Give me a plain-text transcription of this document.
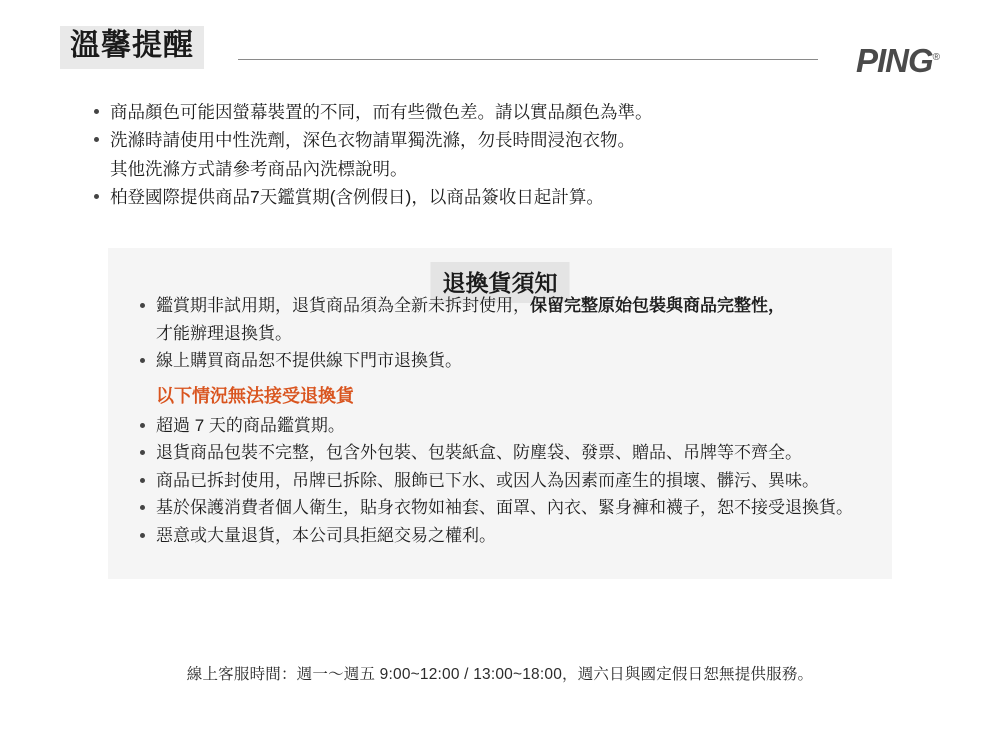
溫馨提醒	PING®
商品顏色可能因螢幕裝置的不同，而有些微色差。請以實品顏色為準。
洗滌時請使用中性洗劑，深色衣物請單獨洗滌，勿長時間浸泡衣物。
其他洗滌方式請參考商品內洗標說明。
柏登國際提供商品7天鑑賞期(含例假日)，以商品簽收日起計算。
退換貨須知
鑑賞期非試用期，退貨商品須為全新未拆封使用，保留完整原始包裝與商品完整性，
才能辦理退換貨。
線上購買商品恕不提供線下門市退換貨。
以下情況無法接受退換貨
超過 7 天的商品鑑賞期。
退貨商品包裝不完整，包含外包裝、包裝紙盒、防塵袋、發票、贈品、吊牌等不齊全。
商品已拆封使用，吊牌已拆除、服飾已下水、或因人為因素而產生的損壞、髒污、異味。
基於保護消費者個人衛生，貼身衣物如袖套、面罩、內衣、緊身褲和襪子，恕不接受退換貨。
惡意或大量退貨，本公司具拒絕交易之權利。
線上客服時間：週一～週五 9:00~12:00 / 13:00~18:00，週六日與國定假日恕無提供服務。
